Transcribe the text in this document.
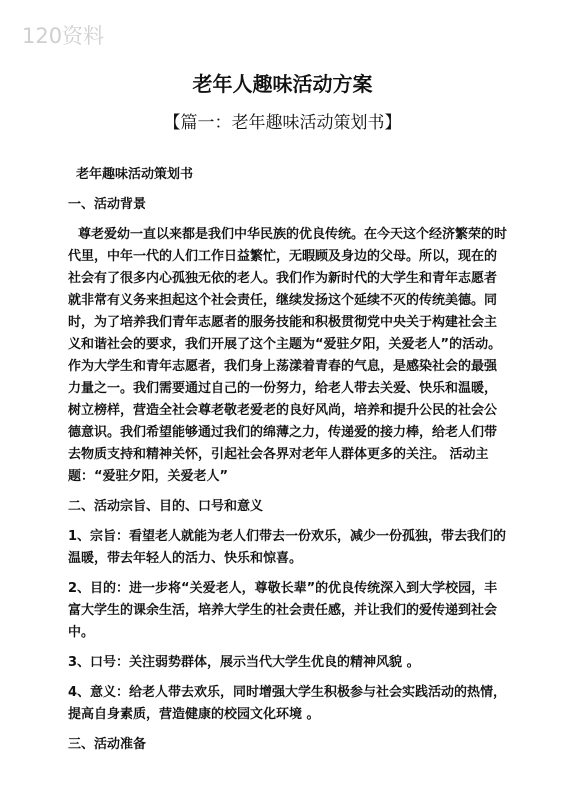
120资料
老年人趣味活动方案
【篇一：老年趣味活动策划书】
老年趣味活动策划书
一、活动背景
尊老爱幼一直以来都是我们中华民族的优良传统。在今天这个经济繁荣的时代里，中年一代的人们工作日益繁忙，无暇顾及身边的父母。所以，现在的社会有了很多内心孤独无依的老人。我们作为新时代的大学生和青年志愿者就非常有义务来担起这个社会责任，继续发扬这个延续不灭的传统美德。同时，为了培养我们青年志愿者的服务技能和积极贯彻党中央关于构建社会主义和谐社会的要求，我们开展了这个主题为“爱驻夕阳，关爱老人”的活动。作为大学生和青年志愿者，我们身上荡漾着青春的气息，是感染社会的最强力量之一。我们需要通过自己的一份努力，给老人带去关爱、快乐和温暖，树立榜样，营造全社会尊老敬老爱老的良好风尚，培养和提升公民的社会公德意识。我们希望能够通过我们的绵薄之力，传递爱的接力棒，给老人们带去物质支持和精神关怀，引起社会各界对老年人群体更多的关注。 活动主题：“爱驻夕阳，关爱老人”
二、活动宗旨、目的、口号和意义
1、宗旨：看望老人就能为老人们带去一份欢乐，减少一份孤独，带去我们的温暖，带去年轻人的活力、快乐和惊喜。
2、目的：进一步将“关爱老人，尊敬长辈”的优良传统深入到大学校园，丰富大学生的课余生活，培养大学生的社会责任感，并让我们的爱传递到社会中。
3、口号：关注弱势群体，展示当代大学生优良的精神风貌 。
4、意义：给老人带去欢乐，同时增强大学生积极参与社会实践活动的热情，提高自身素质，营造健康的校园文化环境 。
三、活动准备
